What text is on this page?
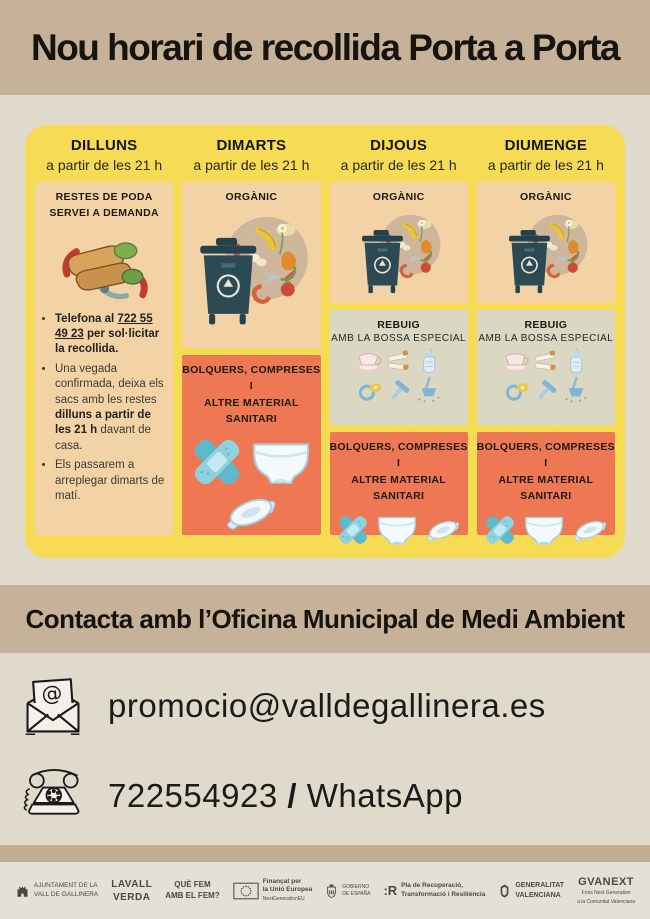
Nou horari de recollida Porta a Porta
DILLUNS
a partir de les 21 h
RESTES DE PODA
SERVEI A DEMANDA
• Telefona al 722 55 49 23 per sol·licitar la recollida.
• Una vegada confirmada, deixa els sacs amb les restes dilluns a partir de les 21 h davant de casa.
• Els passarem a arreplegar dimarts de matí.
DIMARTS
a partir de les 21 h
ORGÀNIC
BOLQUERS, COMPRESES I
ALTRE MATERIAL SANITARI
DIJOUS
a partir de les 21 h
ORGÀNIC
REBUIG
AMB LA BOSSA ESPECIAL
BOLQUERS, COMPRESES I
ALTRE MATERIAL SANITARI
DIUMENGE
a partir de les 21 h
ORGÀNIC
REBUIG
AMB LA BOSSA ESPECIAL
BOLQUERS, COMPRESES I
ALTRE MATERIAL SANITARI
Contacta amb l’Oficina Municipal de Medi Ambient
promocio@valldegallinera.es
722554923 / WhatsApp
AJUNTAMENT DE LA
VALL DE GALLINERA
LAVALL
VERDA
QUÈ FEM
AMB EL FEM?
Finançat per
la Unió Europea
NextGenerationEU
GOBIERNO
DE ESPAÑA :R Pla de Recuperació,
Transformació i Resiliència
GENERALITAT
VALENCIANA
GVANEXT
Fons Next Generation
a la Comunitat Valenciana
